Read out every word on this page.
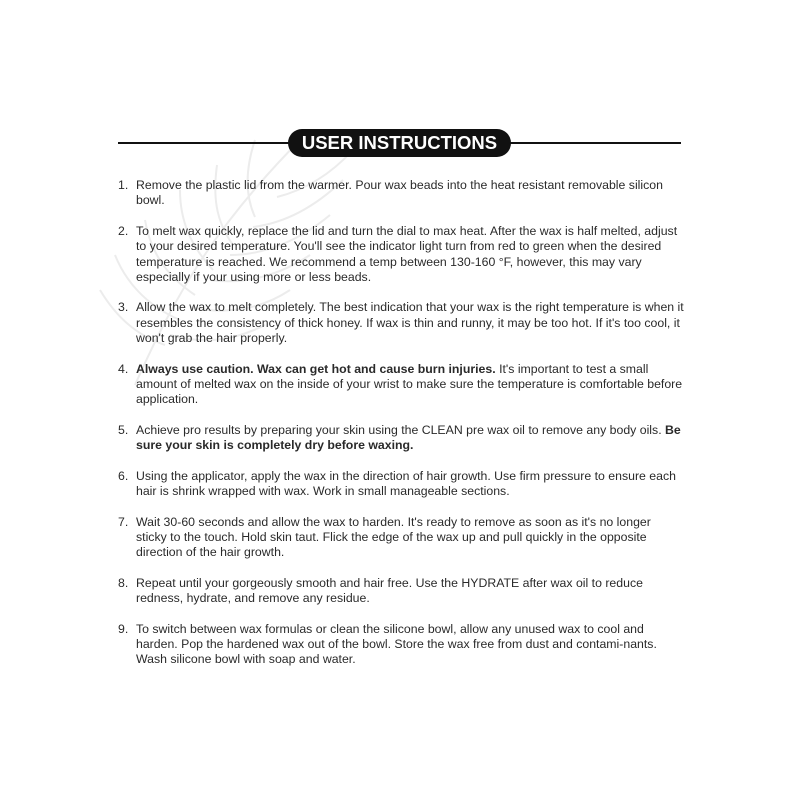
USER INSTRUCTIONS
1. Remove the plastic lid from the warmer. Pour wax beads into the heat resistant removable silicon bowl.
2. To melt wax quickly, replace the lid and turn the dial to max heat. After the wax is half melted, adjust to your desired temperature. You'll see the indicator light turn from red to green when the desired temperature is reached. We recommend a temp between 130-160 °F, however, this may vary especially if your using more or less beads.
3. Allow the wax to melt completely. The best indication that your wax is the right temperature is when it resembles the consistency of thick honey. If wax is thin and runny, it may be too hot. If it's too cool, it won't grab the hair properly.
4. Always use caution. Wax can get hot and cause burn injuries. It's important to test a small amount of melted wax on the inside of your wrist to make sure the temperature is comfortable before application.
5. Achieve pro results by preparing your skin using the CLEAN pre wax oil to remove any body oils. Be sure your skin is completely dry before waxing.
6. Using the applicator, apply the wax in the direction of hair growth. Use firm pressure to ensure each hair is shrink wrapped with wax. Work in small manageable sections.
7. Wait 30-60 seconds and allow the wax to harden. It's ready to remove as soon as it's no longer sticky to the touch. Hold skin taut. Flick the edge of the wax up and pull quickly in the opposite direction of the hair growth.
8. Repeat until your gorgeously smooth and hair free. Use the HYDRATE after wax oil to reduce redness, hydrate, and remove any residue.
9. To switch between wax formulas or clean the silicone bowl, allow any unused wax to cool and harden. Pop the hardened wax out of the bowl. Store the wax free from dust and contami-nants. Wash silicone bowl with soap and water.
